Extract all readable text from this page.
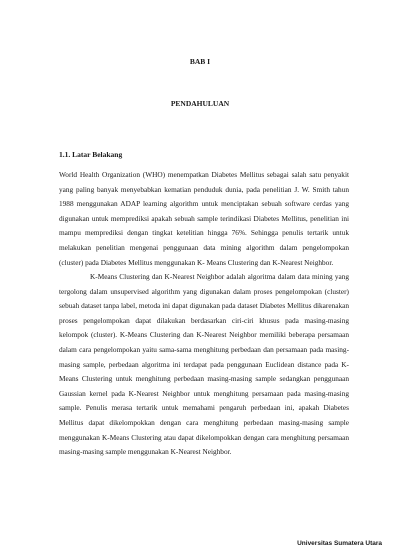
BAB I
PENDAHULUAN
1.1. Latar Belakang

World Health Organization (WHO) menempatkan Diabetes Mellitus sebagai salah satu penyakit yang paling banyak menyebabkan kematian penduduk dunia, pada penelitian J. W. Smith tahun 1988 menggunakan ADAP learning algorithm untuk menciptakan sebuah software cerdas yang digunakan untuk memprediksi apakah sebuah sample terindikasi Diabetes Mellitus, penelitian ini mampu memprediksi dengan tingkat ketelitian hingga 76%. Sehingga penulis tertarik untuk melakukan penelitian mengenai penggunaan data mining algorithm dalam pengelompokan (cluster) pada Diabetes Mellitus menggunakan K- Means Clustering dan K-Nearest Neighbor.

K-Means Clustering dan K-Nearest Neighbor adalah algoritma dalam data mining yang tergolong dalam unsupervised algorithm yang digunakan dalam proses pengelompokan (cluster) sebuah dataset tanpa label, metoda ini dapat digunakan pada dataset Diabetes Mellitus dikarenakan proses pengelompokan dapat dilakukan berdasarkan ciri-ciri khusus pada masing-masing kelompok (cluster). K-Means Clustering dan K-Nearest Neighbor memiliki beberapa persamaan dalam cara pengelompokan yaitu sama-sama menghitung perbedaan dan persamaan pada masing- masing sample, perbedaan algoritma ini terdapat pada penggunaan Euclidean distance pada K-Means Clustering untuk menghitung perbedaan masing-masing sample sedangkan penggunaan Gaussian kernel pada K-Nearest Neighbor untuk menghitung persamaan pada masing-masing sample. Penulis merasa tertarik untuk memahami pengaruh perbedaan ini, apakah Diabetes Mellitus dapat dikelompokkan dengan cara menghitung perbedaan masing-masing sample menggunakan K-Means Clustering atau dapat dikelompokkan dengan cara menghitung persamaan masing-masing sample menggunakan K-Nearest Neighbor.

Universitas Sumatera Utara
